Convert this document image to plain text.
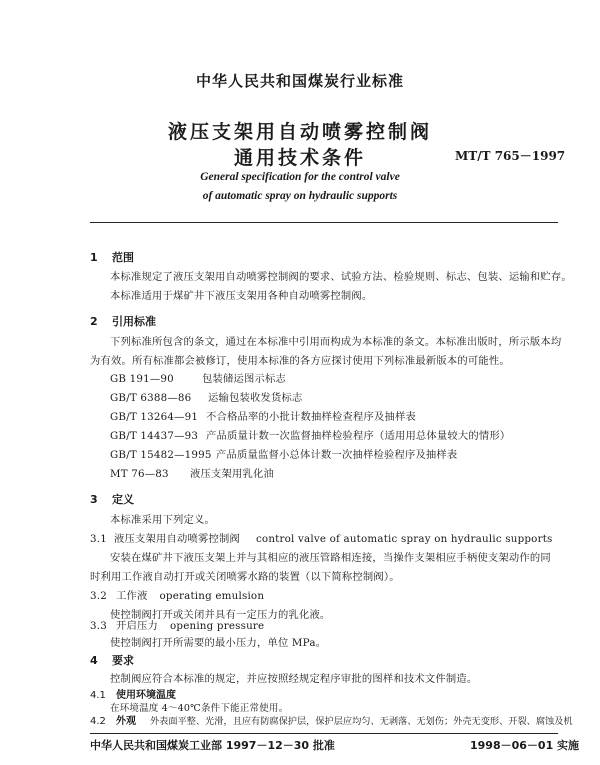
中华人民共和国煤炭行业标准
液压支架用自动喷雾控制阀
通用技术条件	MT/T 765－1997
General specification for the control valve
of automatic spray on hydraulic supports
1 范围
本标准规定了液压支架用自动喷雾控制阀的要求、试验方法、检验规则、标志、包装、运输和贮存。
本标准适用于煤矿井下液压支架用各种自动喷雾控制阀。
2 引用标准
下列标准所包含的条文，通过在本标准中引用而构成为本标准的条文。本标准出版时，所示版本均
为有效。所有标准都会被修订，使用本标准的各方应探讨使用下列标准最新版本的可能性。
GB 191—90	包装储运图示标志
GB/T 6388—86 运输包装收发货标志
GB/T 13264—91 不合格品率的小批计数抽样检查程序及抽样表
GB/T 14437—93 产品质量计数一次监督抽样检验程序（适用用总体量较大的情形）
GB/T 15482—1995 产品质量监督小总体计数一次抽样检验程序及抽样表
MT 76—83 液压支架用乳化油
3 定义
本标准采用下列定义。
3.1 液压支架用自动喷雾控制阀 control valve of automatic spray on hydraulic supports
安装在煤矿井下液压支架上并与其相应的液压管路相连接，当操作支架相应手柄使支架动作的同
时利用工作液自动打开或关闭喷雾水路的装置（以下简称控制阀）。
3.2 工作液 operating emulsion
使控制阀打开或关闭并具有一定压力的乳化液。
3.3 开启压力 opening pressure
使控制阀打开所需要的最小压力，单位 MPa。
4 要求
控制阀应符合本标准的规定，并应按照经规定程序审批的图样和技术文件制造。
4.1 使用环境温度
在环境温度 4～40℃条件下能正常使用。
中华人民共和国煤炭工业部 1997－12－30 批准	1998－06－01 实施
4.2 外观 外表面平整、光滑，且应有防腐保护层，保护层应均匀、无剥落、无划伤；外壳无变形、开裂、腐蚀及机
